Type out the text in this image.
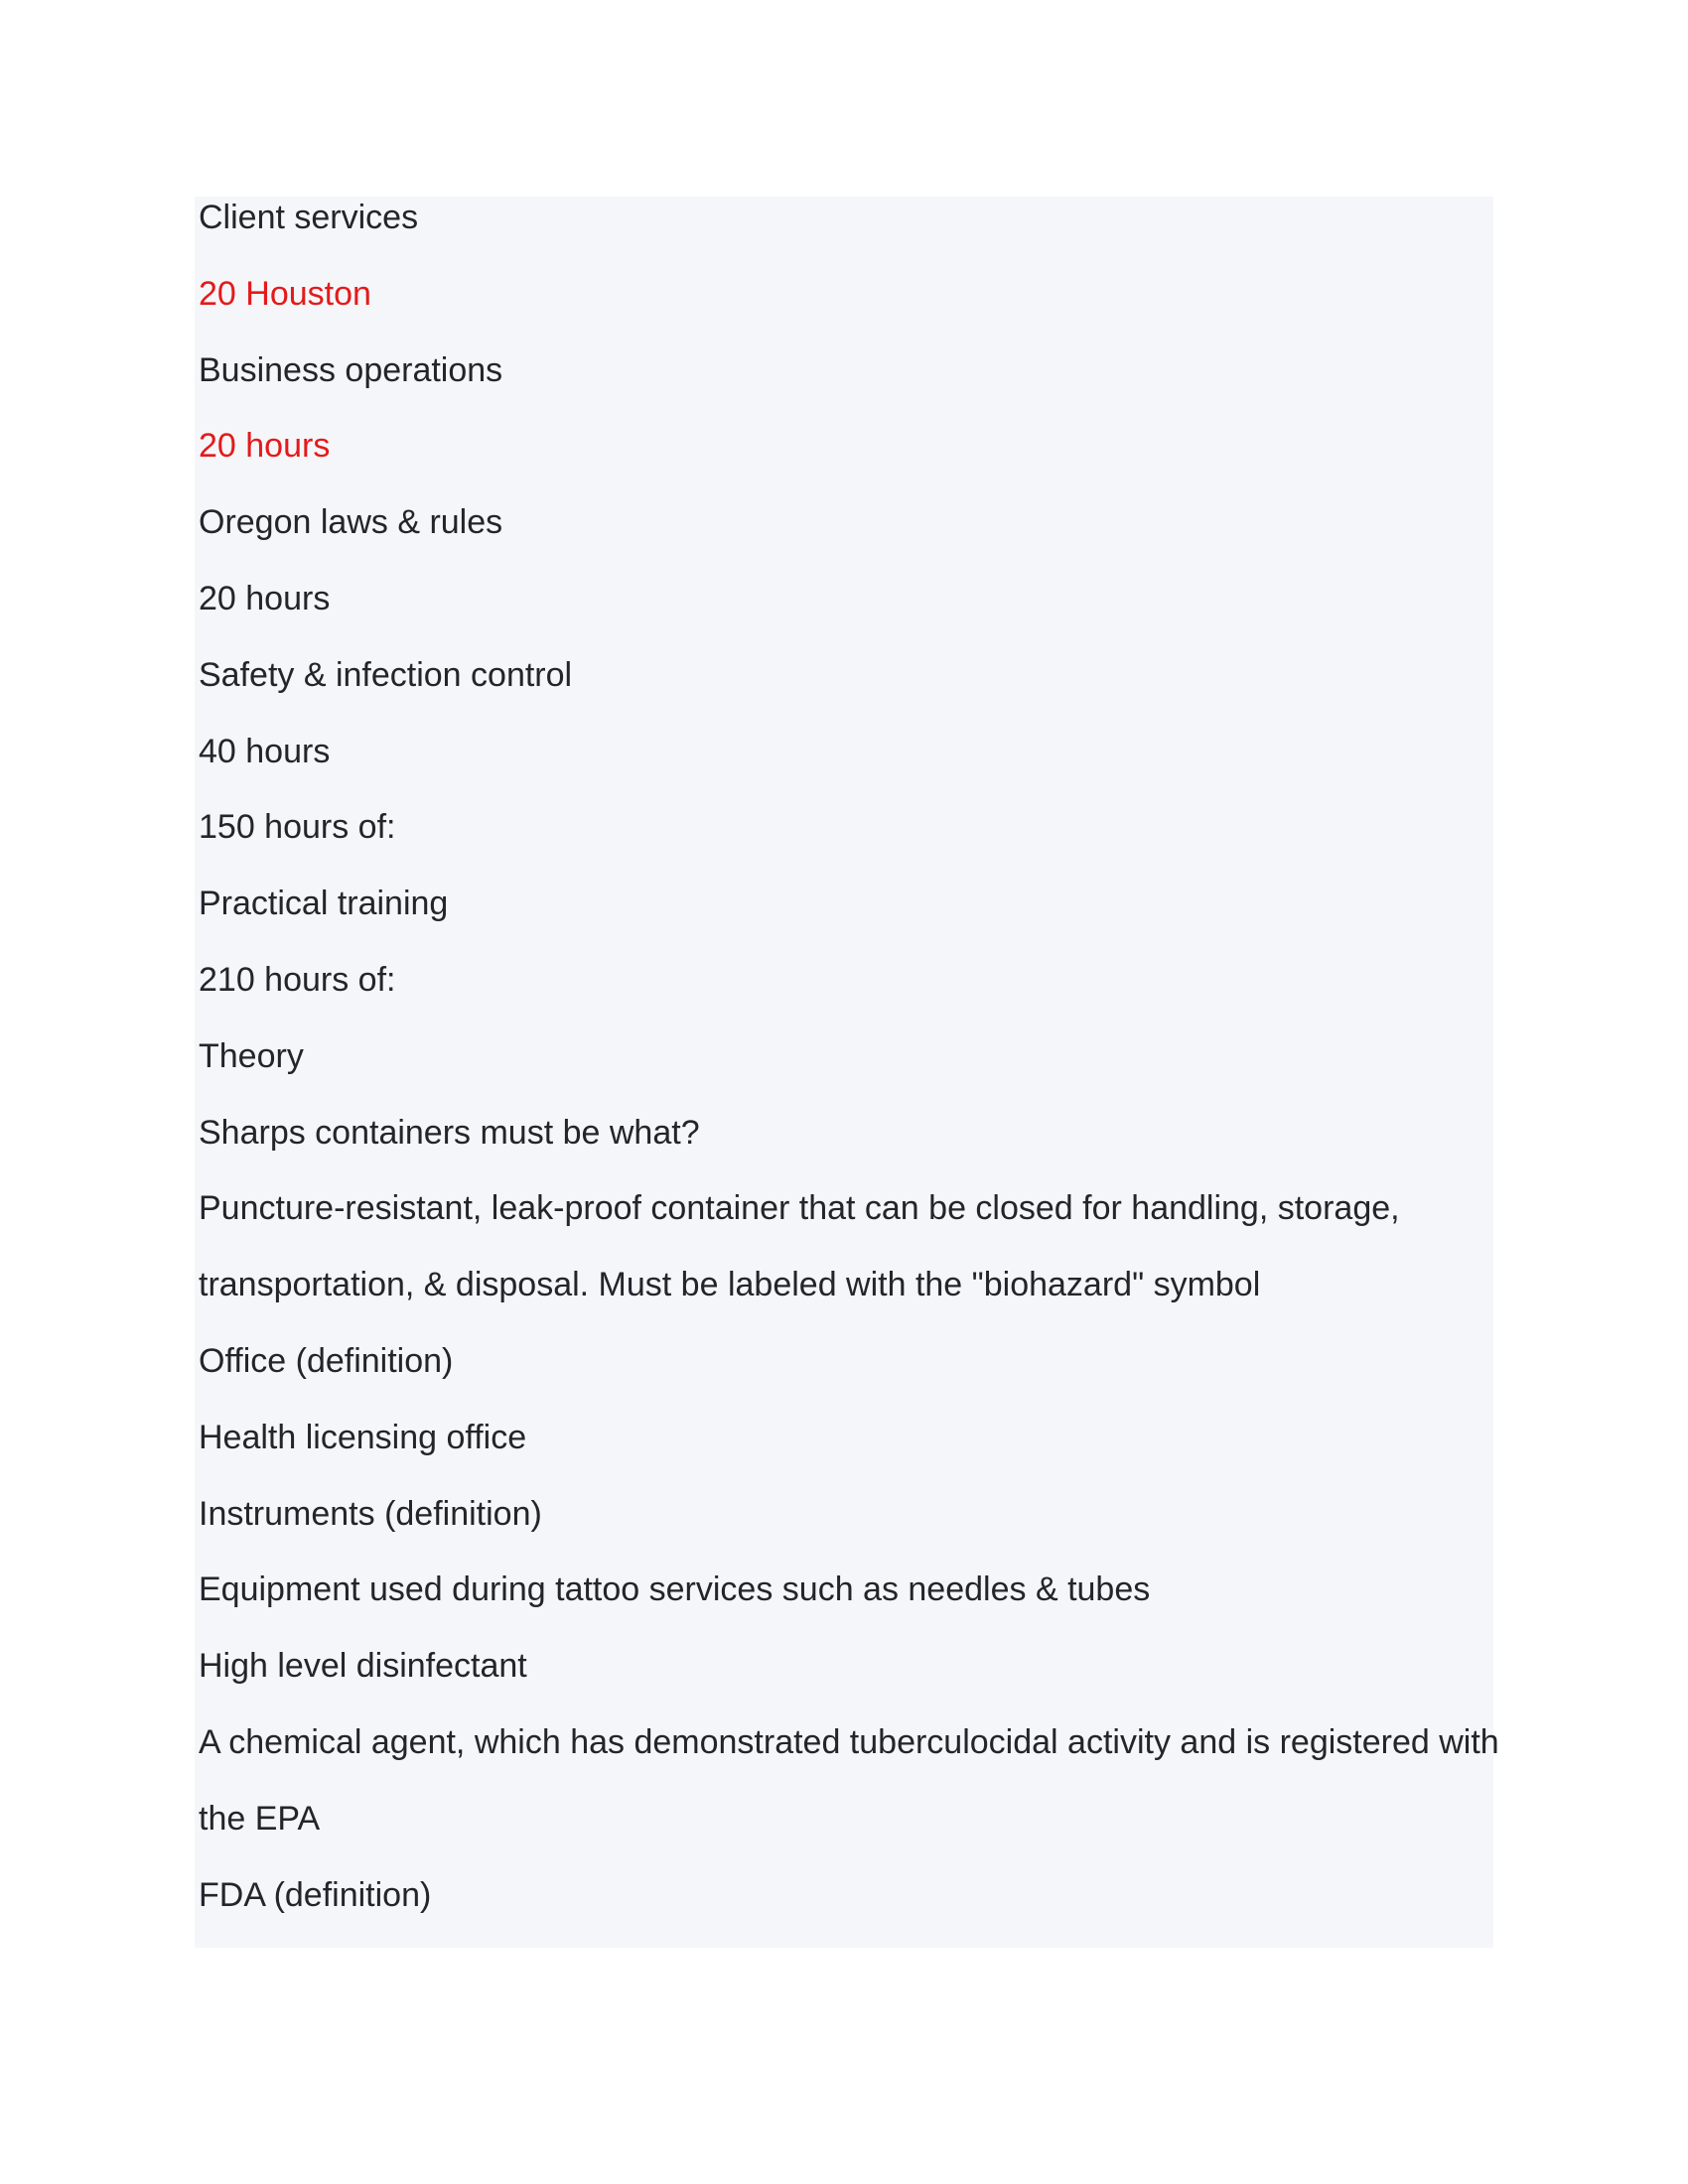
Client services
20 Houston
Business operations
20 hours
Oregon laws & rules
20 hours
Safety & infection control
40 hours
150 hours of:
Practical training
210 hours of:
Theory
Sharps containers must be what?
Puncture-resistant, leak-proof container that can be closed for handling, storage,
transportation, & disposal. Must be labeled with the "biohazard" symbol
Office (definition)
Health licensing office
Instruments (definition)
Equipment used during tattoo services such as needles & tubes
High level disinfectant
A chemical agent, which has demonstrated tuberculocidal activity and is registered with
the EPA
FDA (definition)
